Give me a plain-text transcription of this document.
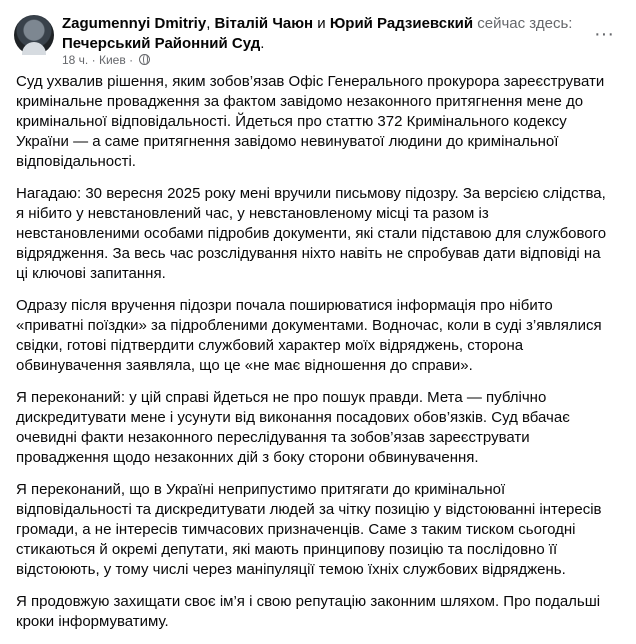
Zagumennyi Dmitriy, Віталій Чаюн и Юрий Радзиевский сейчас здесь:
Печерський Районний Суд.
18 ч. · Киев ·
···

Суд ухвалив рішення, яким зобов’язав Офіс Генерального прокурора зареєструвати кримінальне провадження за фактом завідомо незаконного притягнення мене до кримінальної відповідальності. Йдеться про статтю 372 Кримінального кодексу України — а саме притягнення завідомо невинуватої людини до кримінальної відповідальності.

Нагадаю: 30 вересня 2025 року мені вручили письмову підозру. За версією слідства, я нібито у невстановлений час, у невстановленому місці та разом із невстановленими особами підробив документи, які стали підставою для службового відрядження. За весь час розслідування ніхто навіть не спробував дати відповіді на ці ключові запитання.

Одразу після вручення підозри почала поширюватися інформація про нібито «приватні поїздки» за підробленими документами. Водночас, коли в суді з’являлися свідки, готові підтвердити службовий характер моїх відряджень, сторона обвинувачення заявляла, що це «не має відношення до справи».

Я переконаний: у цій справі йдеться не про пошук правди. Мета — публічно дискредитувати мене і усунути від виконання посадових обов’язків. Суд вбачає очевидні факти незаконного переслідування та зобов’язав зареєструвати провадження щодо незаконних дій з боку сторони обвинувачення.

Я переконаний, що в Україні неприпустимо притягати до кримінальної відповідальності та дискредитувати людей за чітку позицію у відстоюванні інтересів громади, а не інтересів тимчасових призначенців. Саме з таким тиском сьогодні стикаються й окремі депутати, які мають принципову позицію та послідовно її відстоюють, у тому числі через маніпуляції темою їхніх службових відряджень.

Я продовжую захищати своє ім’я і свою репутацію законним шляхом. Про подальші кроки інформуватиму.
